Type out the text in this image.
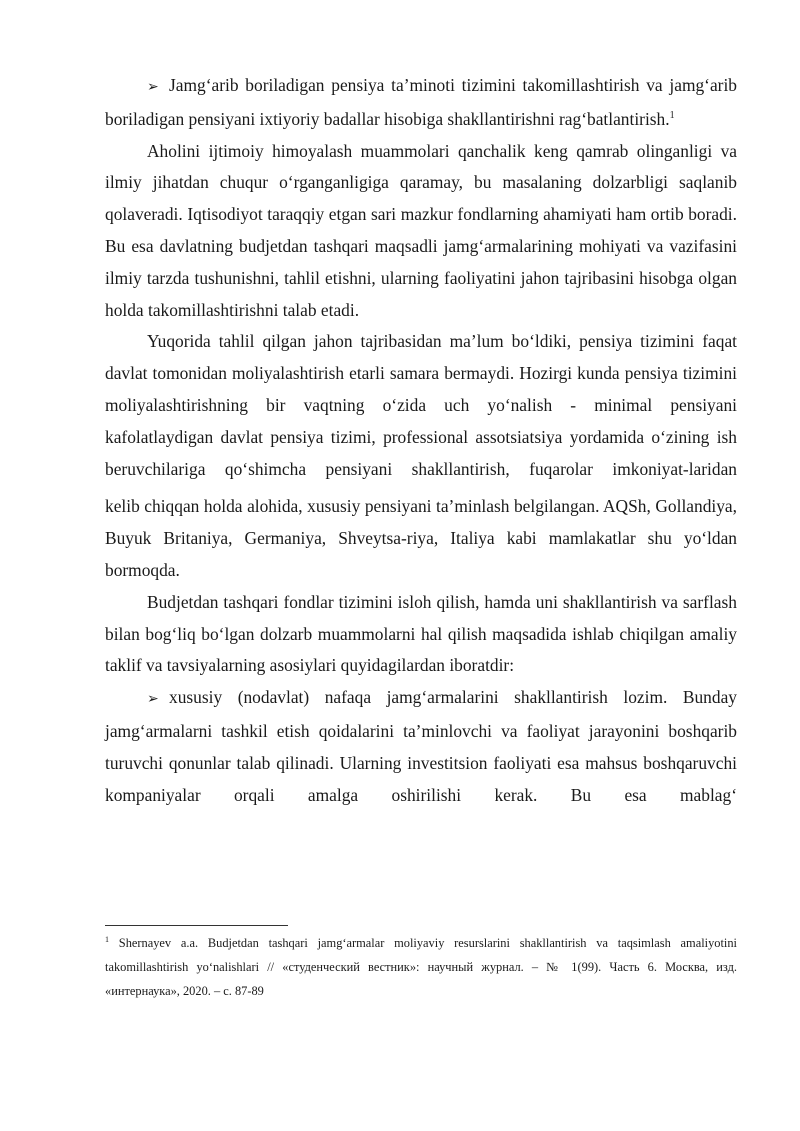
➢ Jamg‘arib boriladigan pensiya ta’minoti tizimini takomillashtirish va jamg‘arib boriladigan pensiyani ixtiyoriy badallar hisobiga shakllantirishni rag‘batlantirish.$^1$

Aholini ijtimoiy himoyalash muammolari qanchalik keng qamrab olinganligi va ilmiy jihatdan chuqur o‘rganganligiga qaramay, bu masalaning dolzarbligi saqlanib qolaveradi. Iqtisodiyot taraqqiy etgan sari mazkur fondlarning ahamiyati ham ortib boradi. Bu esa davlatning budjetdan tashqari maqsadli jamg‘armalarining mohiyati va vazifasini ilmiy tarzda tushunishni, tahlil etishni, ularning faoliyatini jahon tajribasini hisobga olgan holda takomillashtirishni talab etadi.

Yuqorida tahlil qilgan jahon tajribasidan ma’lum bo‘ldiki, pensiya tizimini faqat davlat tomonidan moliyalashtirish etarli samara bermaydi. Hozirgi kunda pensiya tizimini moliyalashtirishning bir vaqtning o‘zida uch yo‘nalish - minimal pensiyani kafolatlaydigan davlat pensiya tizimi, professional assotsiatsiya yordamida o‘zining ish beruvchilariga qo‘shimcha pensiyani shakllantirish, fuqarolar imkoniyat-laridan

kelib chiqqan holda alohida, xususiy pensiyani ta’minlash belgilangan. AQSh, Gollandiya, Buyuk Britaniya, Germaniya, Shveytsa-riya, Italiya kabi mamlakatlar shu yo‘ldan bormoqda.

Budjetdan tashqari fondlar tizimini isloh qilish, hamda uni shakllantirish va sarflash bilan bog‘liq bo‘lgan dolzarb muammolarni hal qilish maqsadida ishlab chiqilgan amaliy taklif va tavsiyalarning asosiylari quyidagilardan iboratdir:

➢ xususiy (nodavlat) nafaqa jamg‘armalarini shakllantirish lozim. Bunday jamg‘armalarni tashkil etish qoidalarini ta’minlovchi va faoliyat jarayonini boshqarib turuvchi qonunlar talab qilinadi. Ularning investitsion faoliyati esa mahsus boshqaruvchi kompaniyalar orqali amalga oshirilishi kerak. Bu esa mablag‘

$^1$ Shernayev a.a. Budjetdan tashqari jamg‘armalar moliyaviy resurslarini shakllantirish va taqsimlash amaliyotini takomillashtirish yo‘nalishlari // «студенческий вестник»: научный журнал. – № 1(99). Часть 6. Москва, изд. «интернаука», 2020. – с. 87-89
